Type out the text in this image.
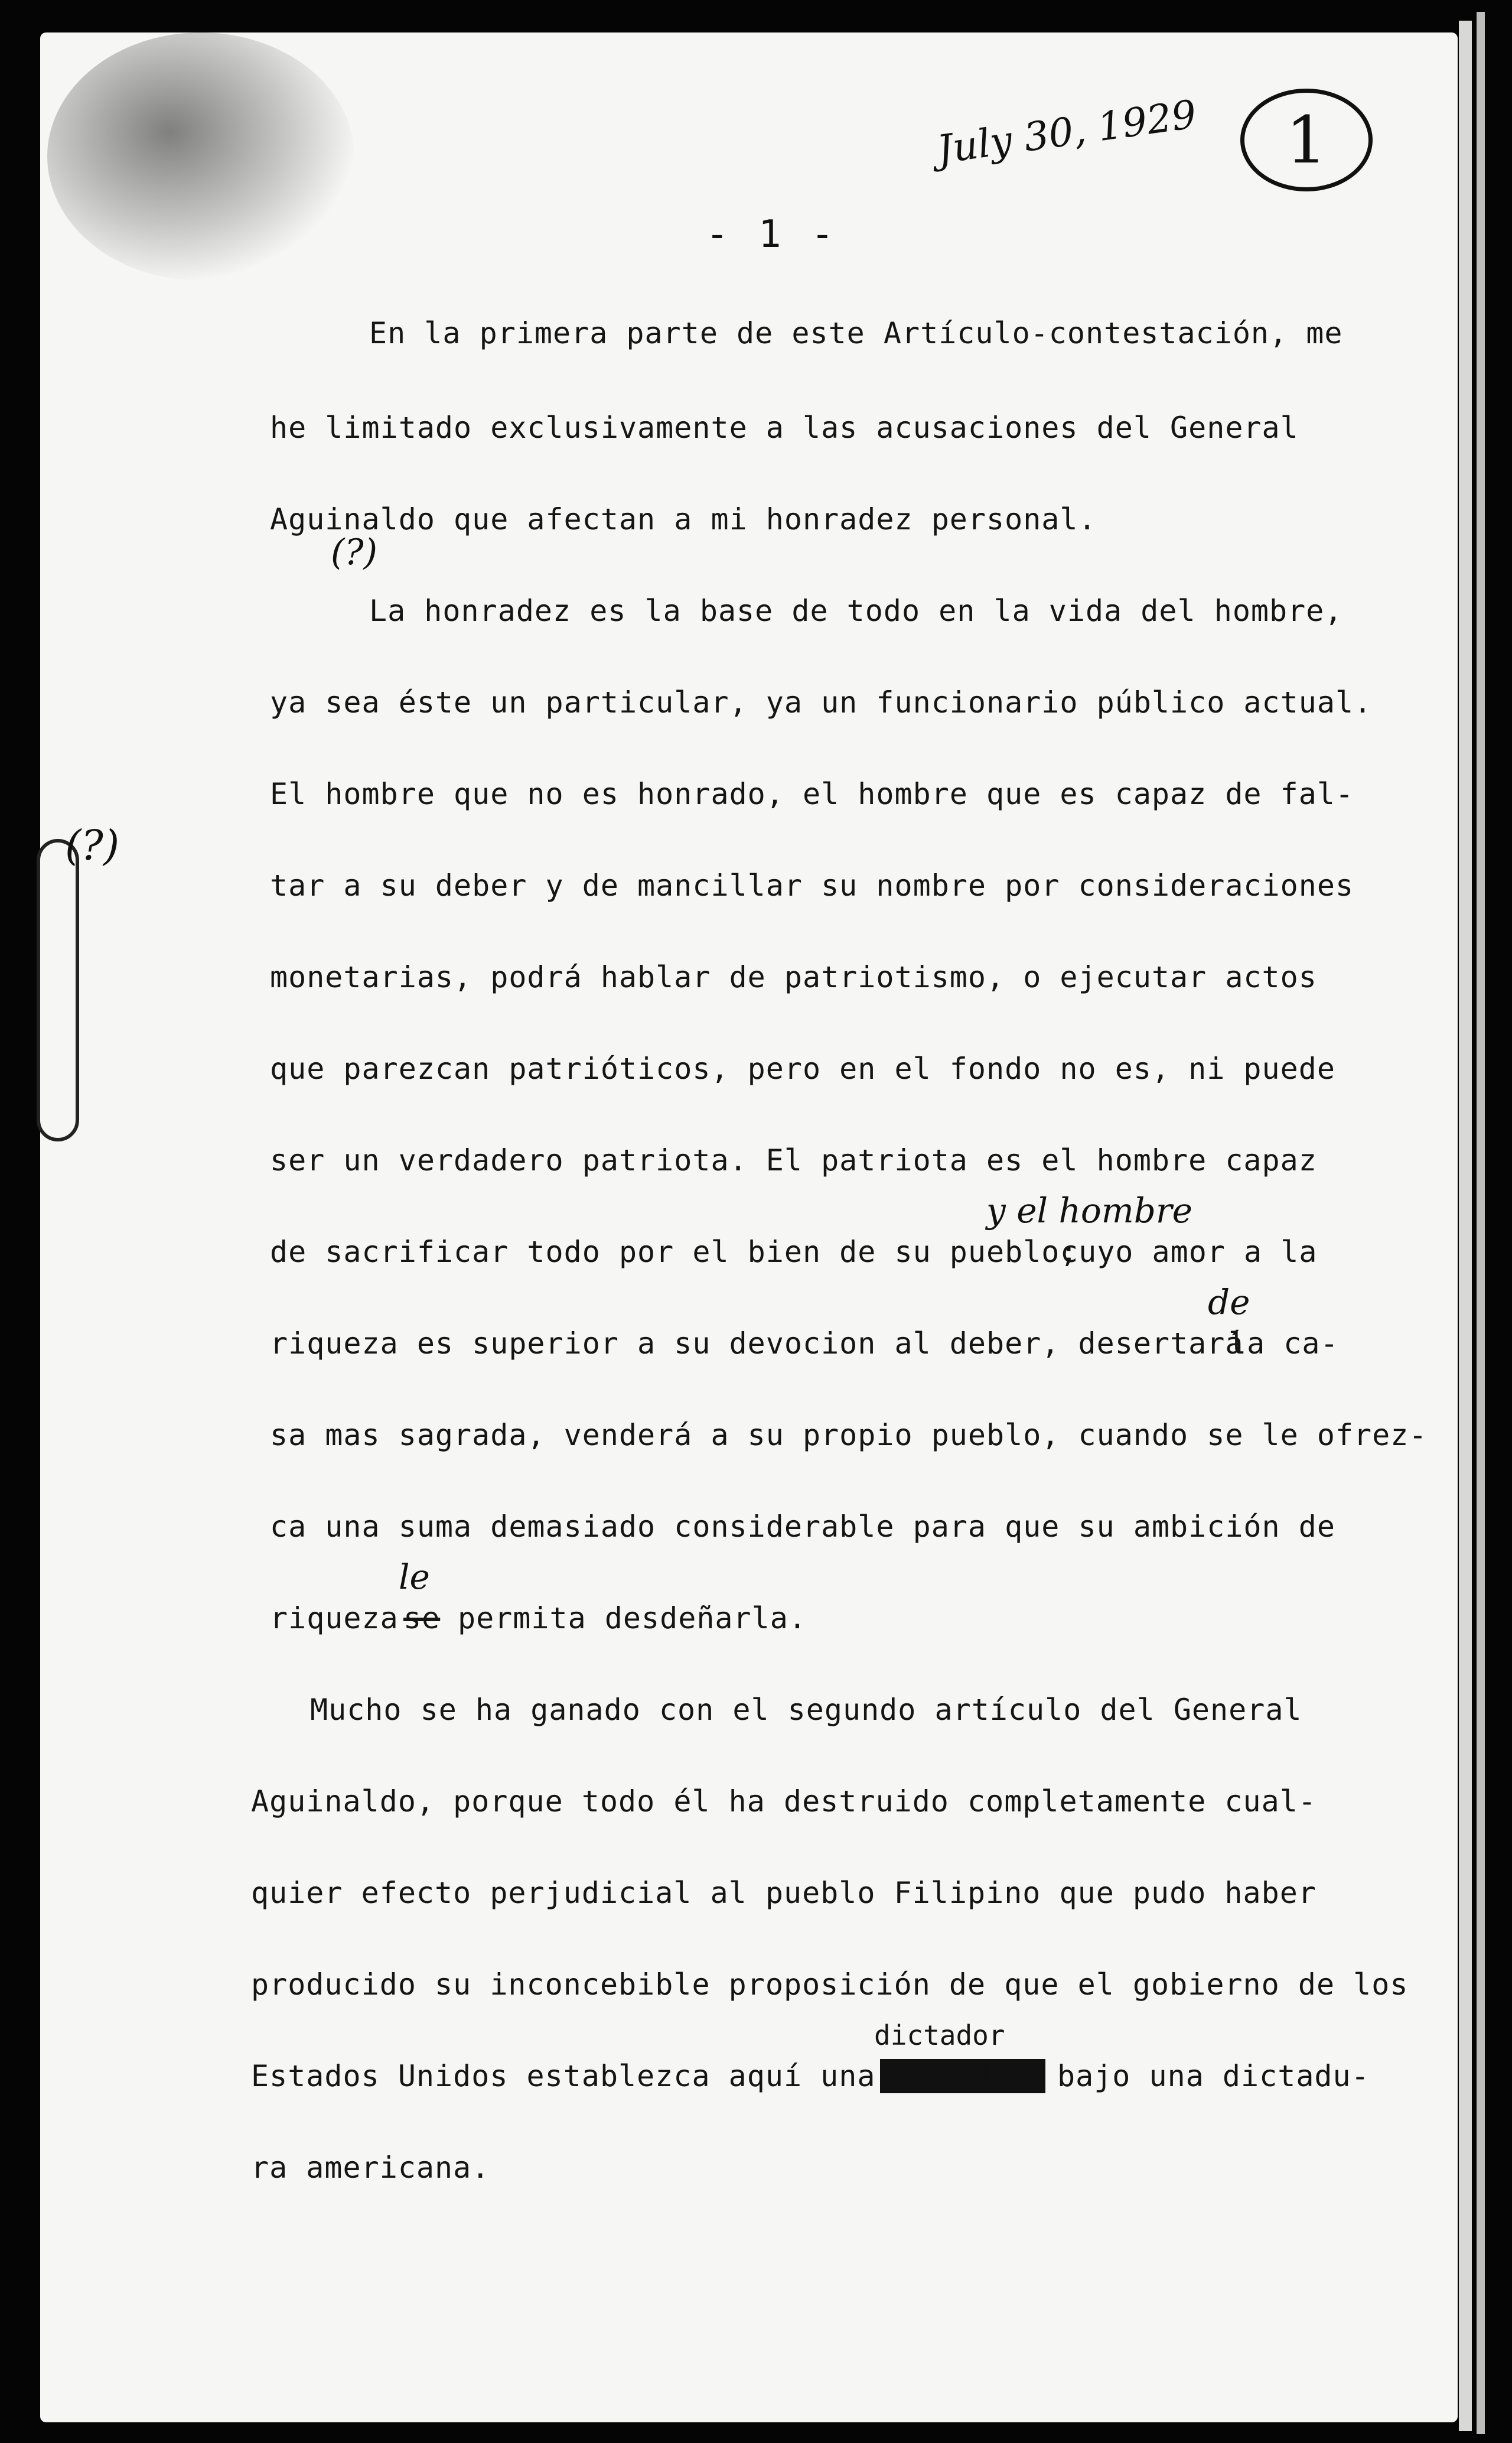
July 30, 1929	1
(?)
(?)
- 1 -
En la primera parte de este Artículo-contestación, me
he limitado exclusivamente a las acusaciones del General
Aguinaldo que afectan a mi honradez personal.
La honradez es la base de todo en la vida del hombre,
ya sea éste un particular, ya un funcionario público actual.
El hombre que no es honrado, el hombre que es capaz de fal-
tar a su deber y de mancillar su nombre por consideraciones
monetarias, podrá hablar de patriotismo, o ejecutar actos
que parezcan patrióticos, pero en el fondo no es, ni puede
ser un verdadero patriota. El patriota es el hombre capaz
y el hombre
de sacrificar todo por el bien de su pueblo;
cuyo amor a la
de
riqueza es superior a su devocion al deber, desertará
la ca-
sa mas sagrada, venderá a su propio pueblo, cuando se le ofrez-
ca una suma demasiado considerable para que su ambición de
le
riqueza se permita desdeñarla.
Mucho se ha ganado con el segundo artículo del General
Aguinaldo, porque todo él ha destruido completamente cual-
quier efecto perjudicial al pueblo Filipino que pudo haber
producido su inconcebible proposición de que el gobierno de los
dictador
Estados Unidos establezca aquí una dictadura bajo una dictadu-
ra americana.
